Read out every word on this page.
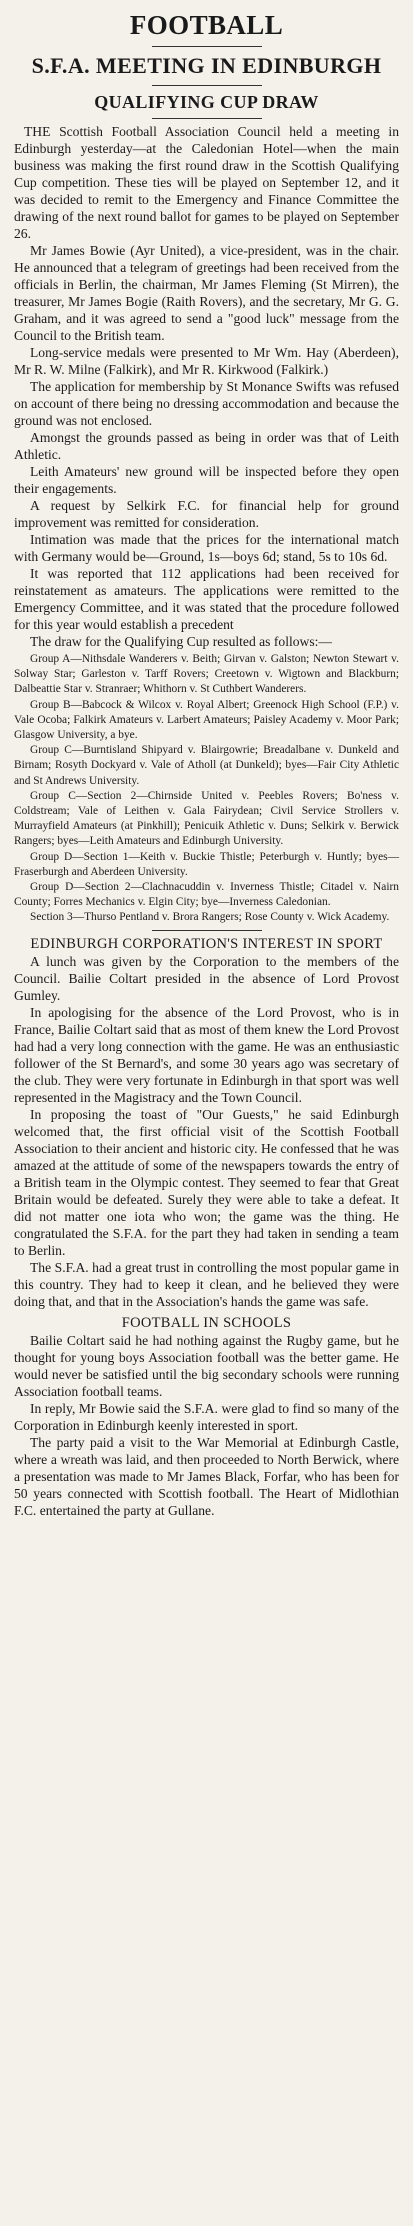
FOOTBALL
S.F.A. MEETING IN EDINBURGH
QUALIFYING CUP DRAW

THE Scottish Football Association Council held a meeting in Edinburgh yesterday—at the Caledonian Hotel—when the main business was making the first round draw in the Scottish Qualifying Cup competition. These ties will be played on September 12, and it was decided to remit to the Emergency and Finance Committee the drawing of the next round ballot for games to be played on September 26.

Mr James Bowie (Ayr United), a vice-president, was in the chair. He announced that a telegram of greetings had been received from the officials in Berlin, the chairman, Mr James Fleming (St Mirren), the treasurer, Mr James Bogie (Raith Rovers), and the secretary, Mr G. G. Graham, and it was agreed to send a "good luck" message from the Council to the British team.

Long-service medals were presented to Mr Wm. Hay (Aberdeen), Mr R. W. Milne (Falkirk), and Mr R. Kirkwood (Falkirk.)

The application for membership by St Monance Swifts was refused on account of there being no dressing accommodation and because the ground was not enclosed.

Amongst the grounds passed as being in order was that of Leith Athletic.

Leith Amateurs' new ground will be inspected before they open their engagements.

A request by Selkirk F.C. for financial help for ground improvement was remitted for consideration.

Intimation was made that the prices for the international match with Germany would be—Ground, 1s—boys 6d; stand, 5s to 10s 6d.

It was reported that 112 applications had been received for reinstatement as amateurs. The applications were remitted to the Emergency Committee, and it was stated that the procedure followed for this year would establish a precedent

The draw for the Qualifying Cup resulted as follows:—

Group A—Nithsdale Wanderers v. Beith; Girvan v. Galston; Newton Stewart v. Solway Star; Garleston v. Tarff Rovers; Creetown v. Wigtown and Blackburn; Dalbeattie Star v. Stranraer; Whithorn v. St Cuthbert Wanderers.

Group B—Babcock & Wilcox v. Royal Albert; Greenock High School (F.P.) v. Vale Ocoba; Falkirk Amateurs v. Larbert Amateurs; Paisley Academy v. Moor Park; Glasgow University, a bye.

Group C—Burntisland Shipyard v. Blairgowrie; Breadalbane v. Dunkeld and Birnam; Rosyth Dockyard v. Vale of Atholl (at Dunkeld); byes—Fair City Athletic and St Andrews University.

Group C—Section 2—Chirnside United v. Peebles Rovers; Bo'ness v. Coldstream; Vale of Leithen v. Gala Fairydean; Civil Service Strollers v. Murrayfield Amateurs (at Pinkhill); Penicuik Athletic v. Duns; Selkirk v. Berwick Rangers; byes—Leith Amateurs and Edinburgh University.

Group D—Section 1—Keith v. Buckie Thistle; Peterburgh v. Huntly; byes—Fraserburgh and Aberdeen University.

Group D—Section 2—Clachnacuddin v. Inverness Thistle; Citadel v. Nairn County; Forres Mechanics v. Elgin City; bye—Inverness Caledonian.

Section 3—Thurso Pentland v. Brora Rangers; Rose County v. Wick Academy.

EDINBURGH CORPORATION'S INTEREST IN SPORT

A lunch was given by the Corporation to the members of the Council. Bailie Coltart presided in the absence of Lord Provost Gumley.

In apologising for the absence of the Lord Provost, who is in France, Bailie Coltart said that as most of them knew the Lord Provost had had a very long connection with the game. He was an enthusiastic follower of the St Bernard's, and some 30 years ago was secretary of the club. They were very fortunate in Edinburgh in that sport was well represented in the Magistracy and the Town Council.

In proposing the toast of "Our Guests," he said Edinburgh welcomed that, the first official visit of the Scottish Football Association to their ancient and historic city. He confessed that he was amazed at the attitude of some of the newspapers towards the entry of a British team in the Olympic contest. They seemed to fear that Great Britain would be defeated. Surely they were able to take a defeat. It did not matter one iota who won; the game was the thing. He congratulated the S.F.A. for the part they had taken in sending a team to Berlin.

The S.F.A. had a great trust in controlling the most popular game in this country. They had to keep it clean, and he believed they were doing that, and that in the Association's hands the game was safe.

FOOTBALL IN SCHOOLS

Bailie Coltart said he had nothing against the Rugby game, but he thought for young boys Association football was the better game. He would never be satisfied until the big secondary schools were running Association football teams.

In reply, Mr Bowie said the S.F.A. were glad to find so many of the Corporation in Edinburgh keenly interested in sport.

The party paid a visit to the War Memorial at Edinburgh Castle, where a wreath was laid, and then proceeded to North Berwick, where a presentation was made to Mr James Black, Forfar, who has been for 50 years connected with Scottish football. The Heart of Midlothian F.C. entertained the party at Gullane.
